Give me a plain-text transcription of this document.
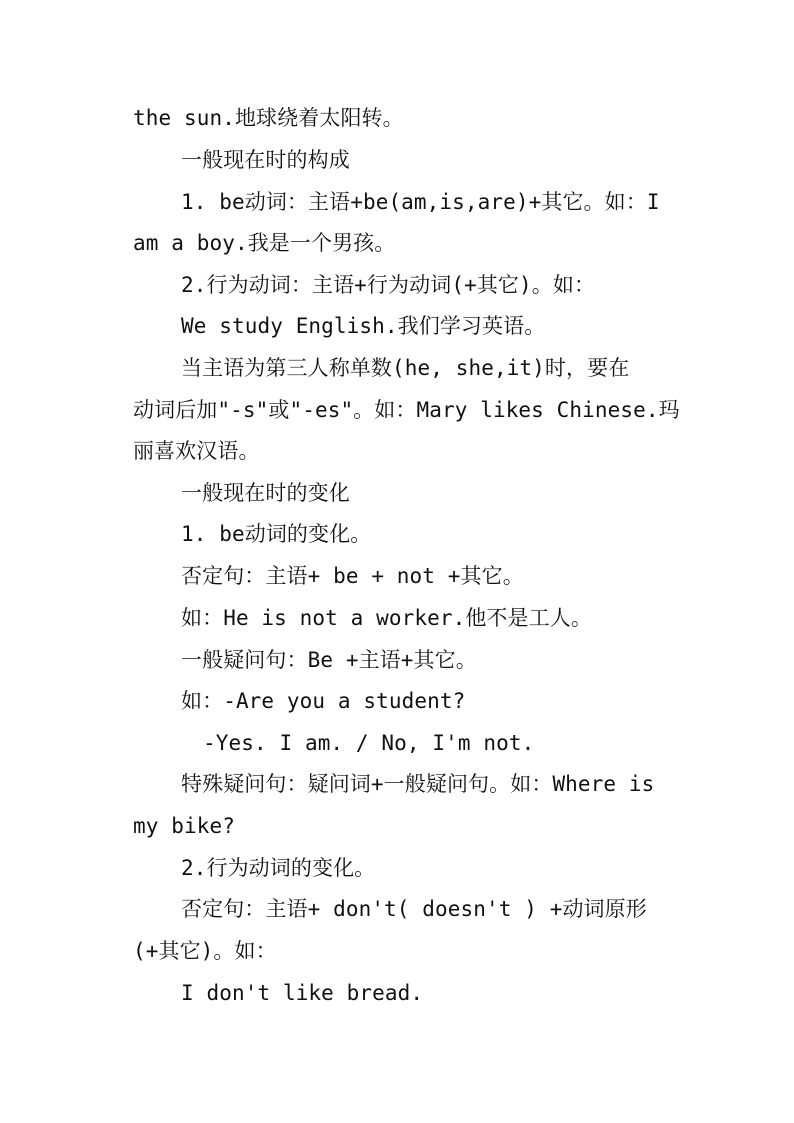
the sun.地球绕着太阳转。
一般现在时的构成
1. be动词：主语+be(am,is,are)+其它。如：I
am a boy.我是一个男孩。
2.行为动词：主语+行为动词(+其它)。如：
We study English.我们学习英语。
当主语为第三人称单数(he, she,it)时，要在
动词后加"-s"或"-es"。如：Mary likes Chinese.玛
丽喜欢汉语。
一般现在时的变化
1. be动词的变化。
否定句：主语+ be + not +其它。
如：He is not a worker.他不是工人。
一般疑问句：Be +主语+其它。
如：-Are you a student?
-Yes. I am. / No, I'm not.
特殊疑问句：疑问词+一般疑问句。如：Where is
my bike?
2.行为动词的变化。
否定句：主语+ don't( doesn't ) +动词原形
(+其它)。如：
I don't like bread.
